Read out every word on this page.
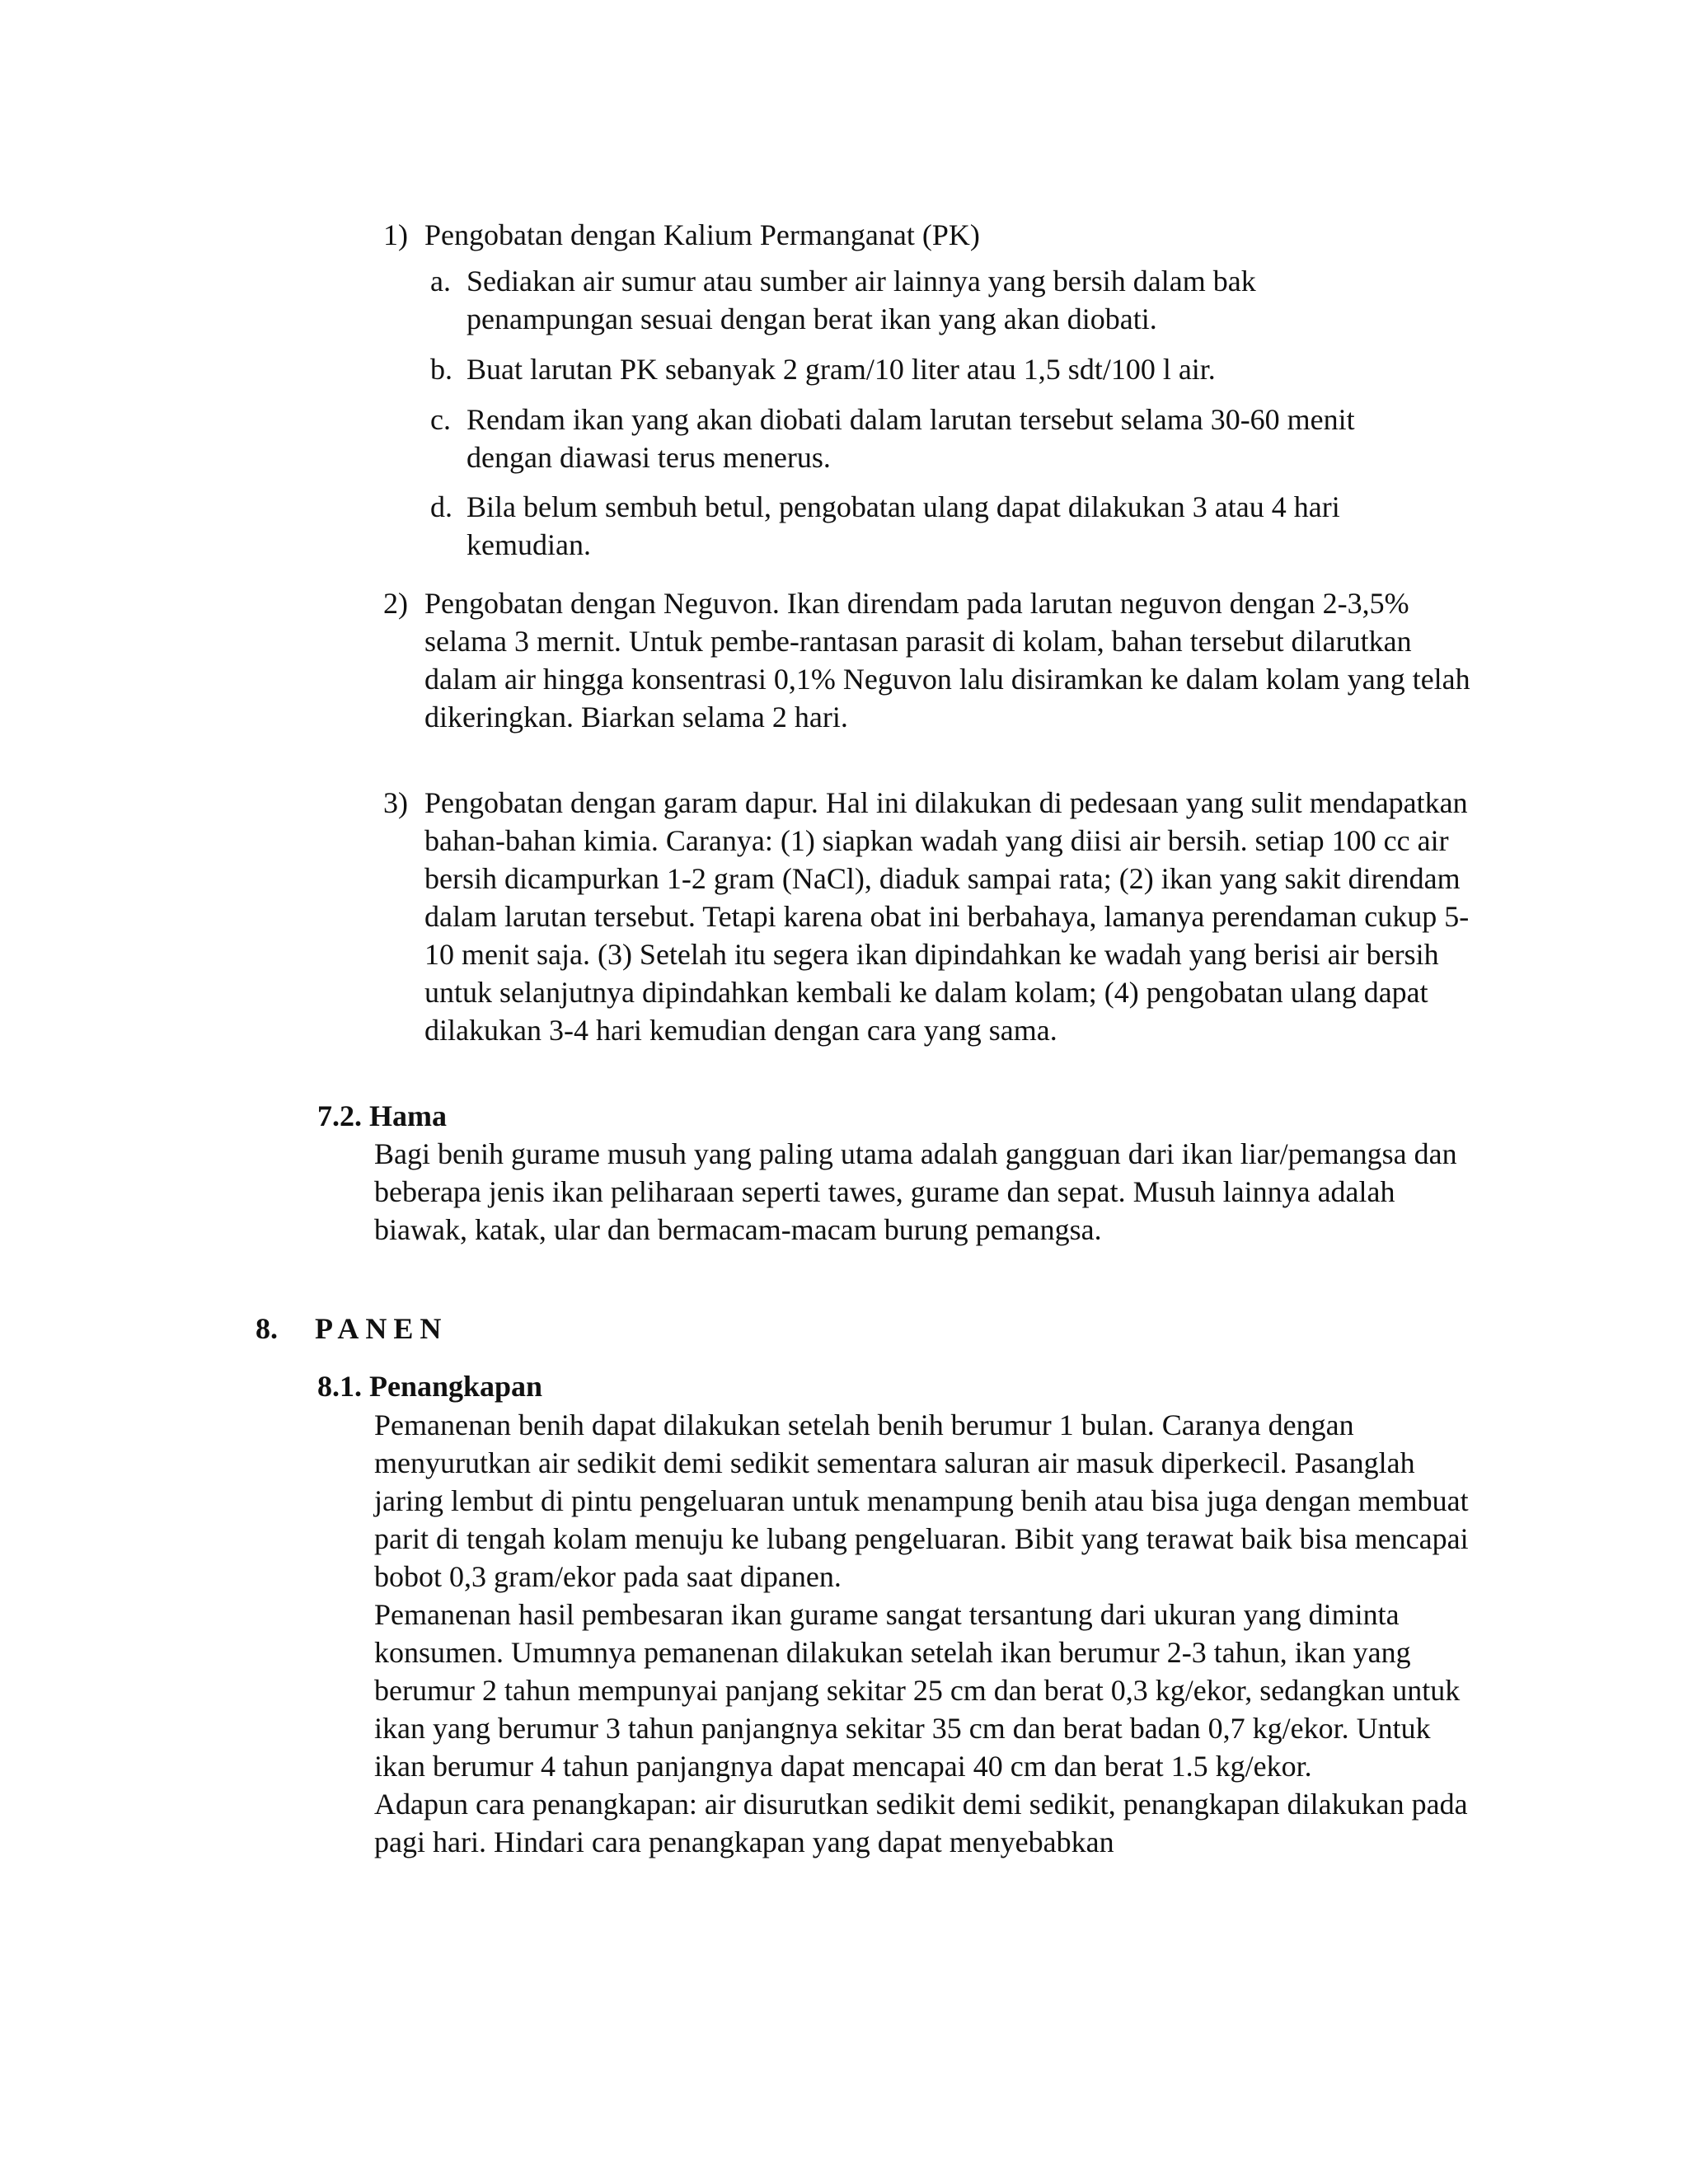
1) Pengobatan dengan Kalium Permanganat (PK)
a. Sediakan air sumur atau sumber air lainnya yang bersih dalam bak penampungan sesuai dengan berat ikan yang akan diobati.
b. Buat larutan PK sebanyak 2 gram/10 liter atau 1,5 sdt/100 l air.
c. Rendam ikan yang akan diobati dalam larutan tersebut selama 30-60 menit dengan diawasi terus menerus.
d. Bila belum sembuh betul, pengobatan ulang dapat dilakukan 3 atau 4 hari kemudian.
2) Pengobatan dengan Neguvon. Ikan direndam pada larutan neguvon dengan 2-3,5% selama 3 mernit. Untuk pembe-rantasan parasit di kolam, bahan tersebut dilarutkan dalam air hingga konsentrasi 0,1% Neguvon lalu disiramkan ke dalam kolam yang telah dikeringkan. Biarkan selama 2 hari.
3) Pengobatan dengan garam dapur. Hal ini dilakukan di pedesaan yang sulit mendapatkan bahan-bahan kimia. Caranya: (1) siapkan wadah yang diisi air bersih. setiap 100 cc air bersih dicampurkan 1-2 gram (NaCl), diaduk sampai rata; (2) ikan yang sakit direndam dalam larutan tersebut. Tetapi karena obat ini berbahaya, lamanya perendaman cukup 5-10 menit saja. (3) Setelah itu segera ikan dipindahkan ke wadah yang berisi air bersih untuk selanjutnya dipindahkan kembali ke dalam kolam; (4) pengobatan ulang dapat dilakukan 3-4 hari kemudian dengan cara yang sama.
7.2. Hama

Bagi benih gurame musuh yang paling utama adalah gangguan dari ikan liar/pemangsa dan beberapa jenis ikan peliharaan seperti tawes, gurame dan sepat. Musuh lainnya adalah biawak, katak, ular dan bermacam-macam burung pemangsa.

8. PANEN
8.1. Penangkapan

Pemanenan benih dapat dilakukan setelah benih berumur 1 bulan. Caranya dengan menyurutkan air sedikit demi sedikit sementara saluran air masuk diperkecil. Pasanglah jaring lembut di pintu pengeluaran untuk menampung benih atau bisa juga dengan membuat parit di tengah kolam menuju ke lubang pengeluaran. Bibit yang terawat baik bisa mencapai bobot 0,3 gram/ekor pada saat dipanen.

Pemanenan hasil pembesaran ikan gurame sangat tersantung dari ukuran yang diminta konsumen. Umumnya pemanenan dilakukan setelah ikan berumur 2-3 tahun, ikan yang berumur 2 tahun mempunyai panjang sekitar 25 cm dan berat 0,3 kg/ekor, sedangkan untuk ikan yang berumur 3 tahun panjangnya sekitar 35 cm dan berat badan 0,7 kg/ekor. Untuk ikan berumur 4 tahun panjangnya dapat mencapai 40 cm dan berat 1.5 kg/ekor.

Adapun cara penangkapan: air disurutkan sedikit demi sedikit, penangkapan dilakukan pada pagi hari. Hindari cara penangkapan yang dapat menyebabkan
